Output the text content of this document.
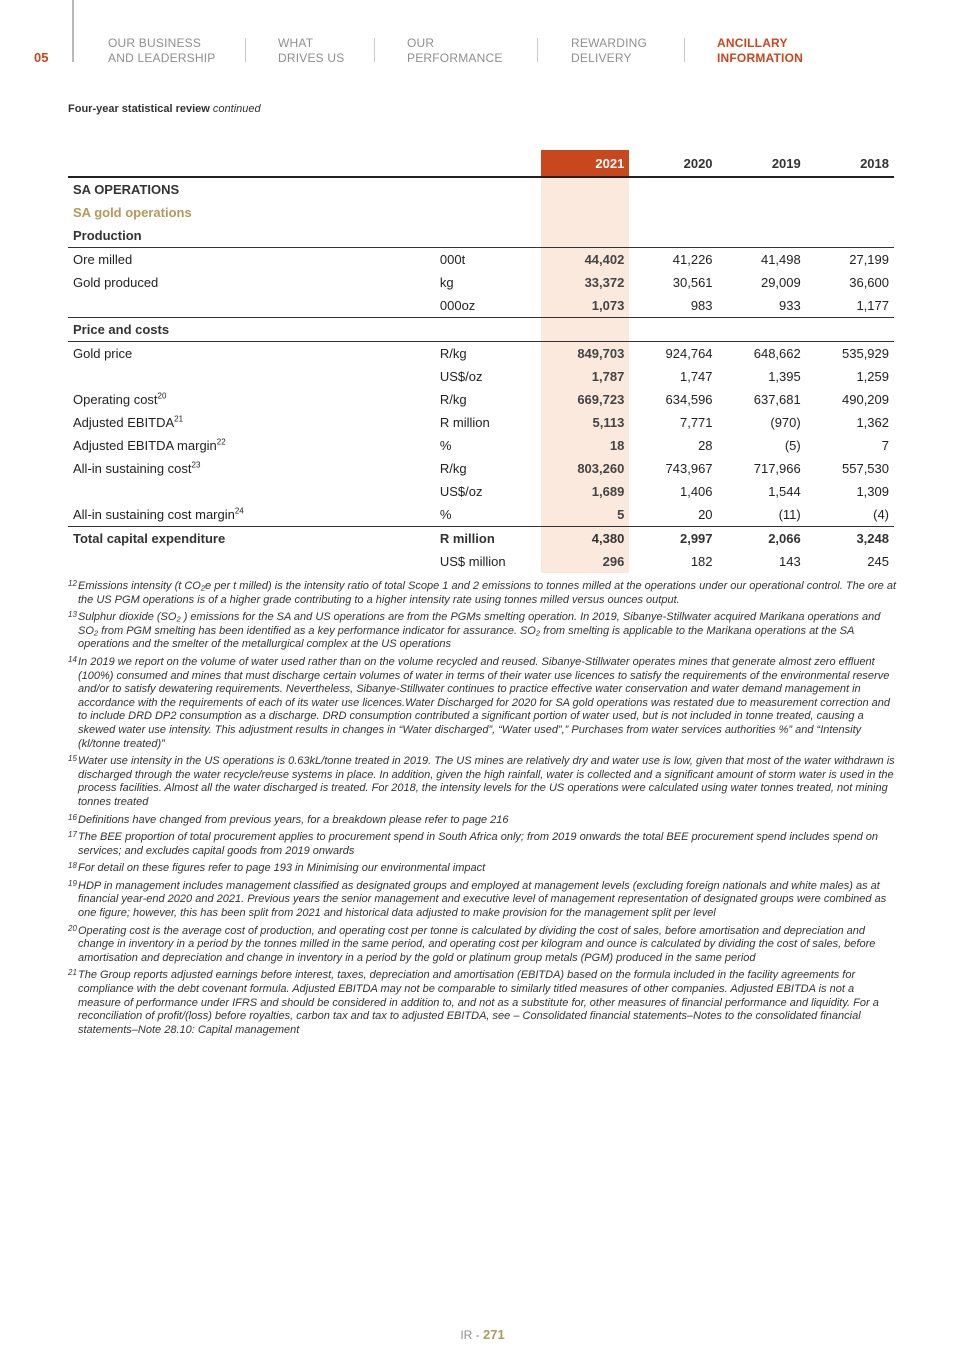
05
OUR BUSINESS
AND LEADERSHIP
WHAT
DRIVES US
OUR
PERFORMANCE
REWARDING
DELIVERY
ANCILLARY
INFORMATION
Four-year statistical review continued
		2021	2020	2019	2018
SA OPERATIONS					
SA gold operations					
Production					
Ore milled	000t	44,402	41,226	41,498	27,199
Gold produced	kg	33,372	30,561	29,009	36,600
	000oz	1,073	983	933	1,177
Price and costs					
Gold price	R/kg	849,703	924,764	648,662	535,929
	US$/oz	1,787	1,747	1,395	1,259
Operating cost$^{20}$	R/kg	669,723	634,596	637,681	490,209
Adjusted EBITDA$^{21}$	R million	5,113	7,771	(970)	1,362
Adjusted EBITDA margin$^{22}$	%	18	28	(5)	7
All-in sustaining cost$^{23}$	R/kg	803,260	743,967	717,966	557,530
	US$/oz	1,689	1,406	1,544	1,309
All-in sustaining cost margin$^{24}$	%	5	20	(11)	(4)
Total capital expenditure	R million	4,380	2,997	2,066	3,248
	US$ million	296	182	143	245
12 Emissions intensity (t CO₂e per t milled) is the intensity ratio of total Scope 1 and 2 emissions to tonnes milled at the operations under our operational control. The ore at the US PGM operations is of a higher grade contributing to a higher intensity rate using tonnes milled versus ounces output.
13 Sulphur dioxide (SO₂ ) emissions for the SA and US operations are from the PGMs smelting operation. In 2019, Sibanye-Stillwater acquired Marikana operations and SO₂ from PGM smelting has been identified as a key performance indicator for assurance. SO₂ from smelting is applicable to the Marikana operations at the SA operations and the smelter of the metallurgical complex at the US operations
14 In 2019 we report on the volume of water used rather than on the volume recycled and reused. Sibanye-Stillwater operates mines that generate almost zero effluent (100%) consumed and mines that must discharge certain volumes of water in terms of their water use licences to satisfy the requirements of the environmental reserve and/or to satisfy dewatering requirements. Nevertheless, Sibanye-Stillwater continues to practice effective water conservation and water demand management in accordance with the requirements of each of its water use licences.Water Discharged for 2020 for SA gold operations was restated due to measurement correction and to include DRD DP2 consumption as a discharge. DRD consumption contributed a significant portion of water used, but is not included in tonne treated, causing a skewed water use intensity. This adjustment results in changes in “Water discharged”, “Water used”,” Purchases from water services authorities %” and “Intensity (kl/tonne treated)”
15 Water use intensity in the US operations is 0.63kL/tonne treated in 2019. The US mines are relatively dry and water use is low, given that most of the water withdrawn is discharged through the water recycle/reuse systems in place. In addition, given the high rainfall, water is collected and a significant amount of storm water is used in the process facilities. Almost all the water discharged is treated. For 2018, the intensity levels for the US operations were calculated using water tonnes treated, not mining tonnes treated
16 Definitions have changed from previous years, for a breakdown please refer to page 216
17 The BEE proportion of total procurement applies to procurement spend in South Africa only; from 2019 onwards the total BEE procurement spend includes spend on services; and excludes capital goods from 2019 onwards
18 For detail on these figures refer to page 193 in Minimising our environmental impact
19 HDP in management includes management classified as designated groups and employed at management levels (excluding foreign nationals and white males) as at financial year-end 2020 and 2021. Previous years the senior management and executive level of management representation of designated groups were combined as one figure; however, this has been split from 2021 and historical data adjusted to make provision for the management split per level
20 Operating cost is the average cost of production, and operating cost per tonne is calculated by dividing the cost of sales, before amortisation and depreciation and change in inventory in a period by the tonnes milled in the same period, and operating cost per kilogram and ounce is calculated by dividing the cost of sales, before amortisation and depreciation and change in inventory in a period by the gold or platinum group metals (PGM) produced in the same period
21 The Group reports adjusted earnings before interest, taxes, depreciation and amortisation (EBITDA) based on the formula included in the facility agreements for compliance with the debt covenant formula. Adjusted EBITDA may not be comparable to similarly titled measures of other companies. Adjusted EBITDA is not a measure of performance under IFRS and should be considered in addition to, and not as a substitute for, other measures of financial performance and liquidity. For a reconciliation of profit/(loss) before royalties, carbon tax and tax to adjusted EBITDA, see – Consolidated financial statements–Notes to the consolidated financial statements–Note 28.10: Capital management
IR - 271
